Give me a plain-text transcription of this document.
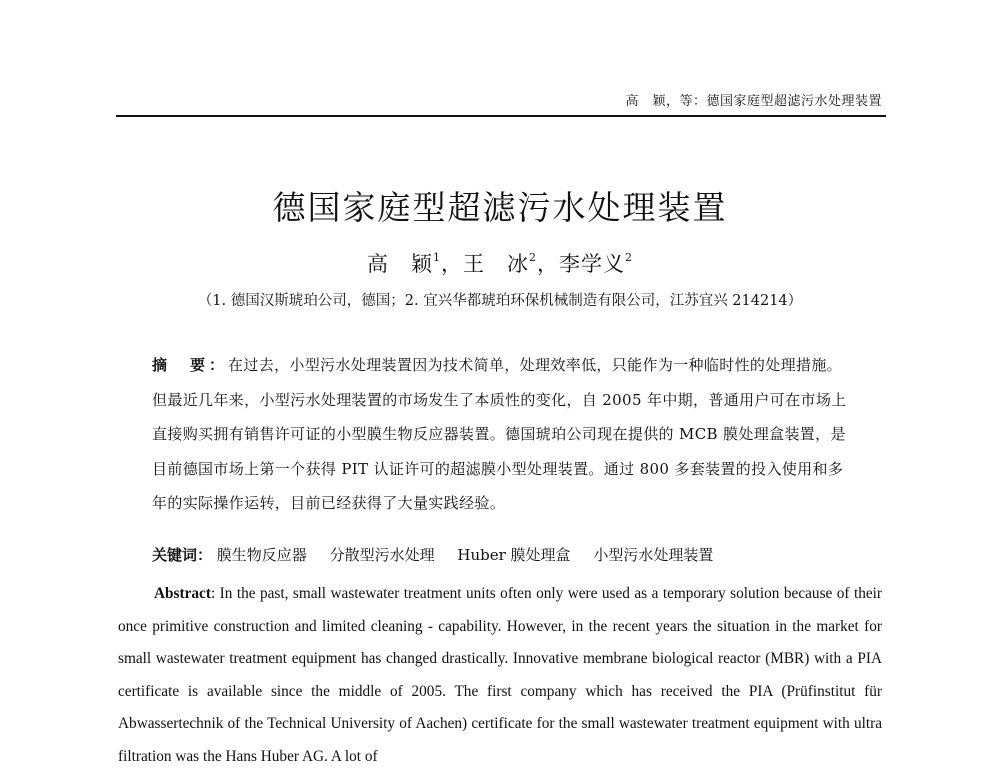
高　颖，等：德国家庭型超滤污水处理装置
德国家庭型超滤污水处理装置
高　颖$^1$，王　冰$^2$，李学义$^2$
（1. 德国汉斯琥珀公司，德国；2. 宜兴华都琥珀环保机械制造有限公司，江苏宜兴 214214）
摘　要：在过去，小型污水处理装置因为技术简单，处理效率低，只能作为一种临时性的处理措施。但最近几年来，小型污水处理装置的市场发生了本质性的变化，自 2005 年中期，普通用户可在市场上直接购买拥有销售许可证的小型膜生物反应器装置。德国琥珀公司现在提供的 MCB 膜处理盒装置，是目前德国市场上第一个获得 PIT 认证许可的超滤膜小型处理装置。通过 800 多套装置的投入使用和多年的实际操作运转，目前已经获得了大量实践经验。
关键词： 膜生物反应器 分散型污水处理 Huber 膜处理盒 小型污水处理装置
Abstract: In the past, small wastewater treatment units often only were used as a temporary solution because of their once primitive construction and limited cleaning - capability. However, in the recent years the situation in the market for small wastewater treatment equipment has changed drastically. Innovative membrane biological reactor (MBR) with a PIA certificate is available since the middle of 2005. The first company which has received the PIA (Prüfinstitut für Abwassertechnik of the Technical University of Aachen) certificate for the small wastewater treatment equipment with ultra filtration was the Hans Huber AG. A lot of
